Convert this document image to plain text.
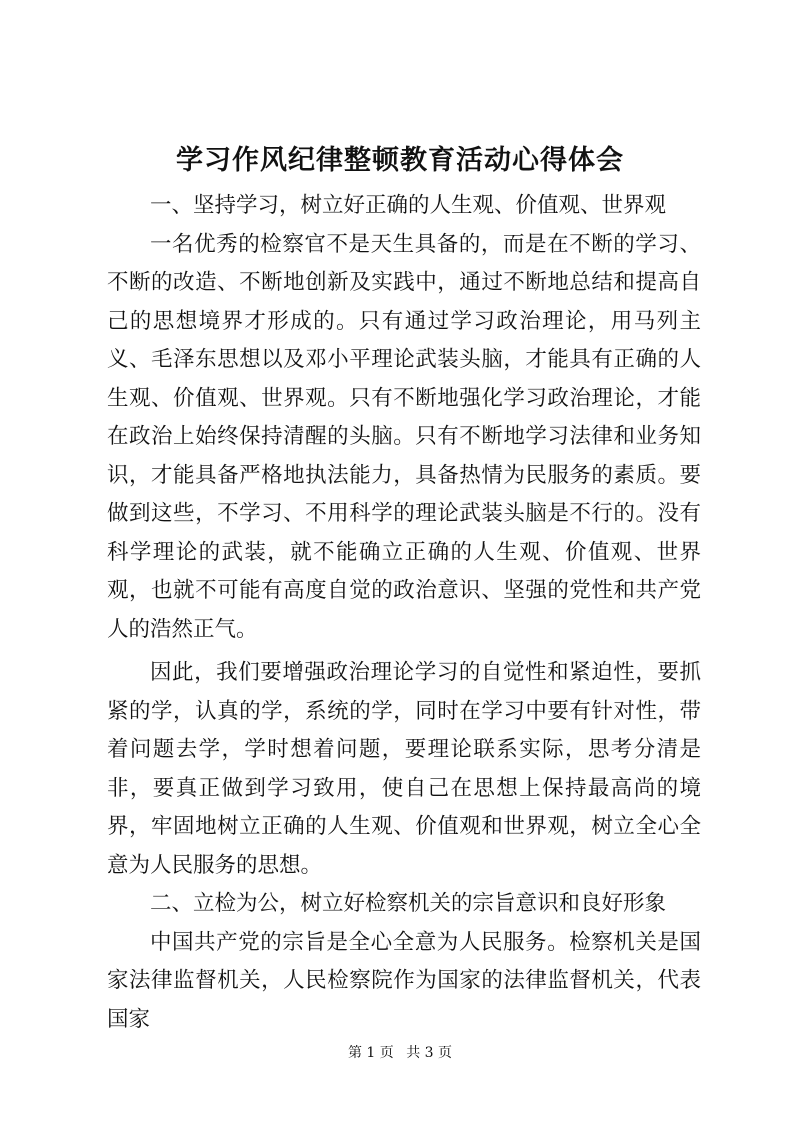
学习作风纪律整顿教育活动心得体会

一、坚持学习，树立好正确的人生观、价值观、世界观

一名优秀的检察官不是天生具备的，而是在不断的学习、不断的改造、不断地创新及实践中，通过不断地总结和提高自己的思想境界才形成的。只有通过学习政治理论，用马列主义、毛泽东思想以及邓小平理论武装头脑，才能具有正确的人生观、价值观、世界观。只有不断地强化学习政治理论，才能在政治上始终保持清醒的头脑。只有不断地学习法律和业务知识，才能具备严格地执法能力，具备热情为民服务的素质。要做到这些，不学习、不用科学的理论武装头脑是不行的。没有科学理论的武装，就不能确立正确的人生观、价值观、世界观，也就不可能有高度自觉的政治意识、坚强的党性和共产党人的浩然正气。

因此，我们要增强政治理论学习的自觉性和紧迫性，要抓紧的学，认真的学，系统的学，同时在学习中要有针对性，带着问题去学，学时想着问题，要理论联系实际，思考分清是非，要真正做到学习致用，使自己在思想上保持最高尚的境界，牢固地树立正确的人生观、价值观和世界观，树立全心全意为人民服务的思想。

二、立检为公，树立好检察机关的宗旨意识和良好形象

中国共产党的宗旨是全心全意为人民服务。检察机关是国家法律监督机关，人民检察院作为国家的法律监督机关，代表国家

第 1 页 共 3 页
